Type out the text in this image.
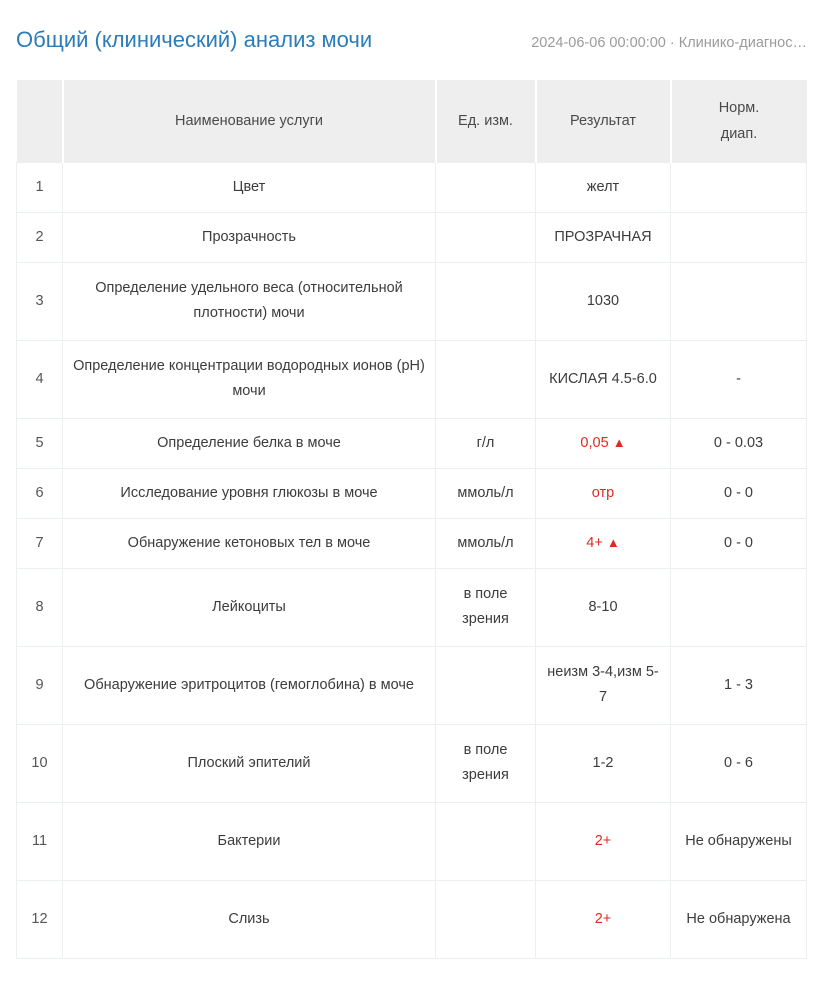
Общий (клинический) анализ мочи	2024-06-06 00:00:00 · Клинико-диагнос…
	Наименование услуги	Ед. изм.	Результат	Норм.
диап.
1	Цвет		желт	
2	Прозрачность		ПРОЗРАЧНАЯ	
3	Определение удельного веса (относительной плотности) мочи		1030	
4	Определение концентрации водородных ионов (pH) мочи		КИСЛАЯ 4.5-6.0	-
5	Определение белка в моче	г/л	0,05 ▲	0 - 0.03
6	Исследование уровня глюкозы в моче	ммоль/л	отр	0 - 0
7	Обнаружение кетоновых тел в моче	ммоль/л	4+ ▲	0 - 0
8	Лейкоциты	в поле зрения	8-10	
9	Обнаружение эритроцитов (гемоглобина) в моче		неизм 3-4,изм 5-7	1 - 3
10	Плоский эпителий	в поле зрения	1-2	0 - 6
11	Бактерии		2+	Не обнаружены
12	Слизь		2+	Не обнаружена
